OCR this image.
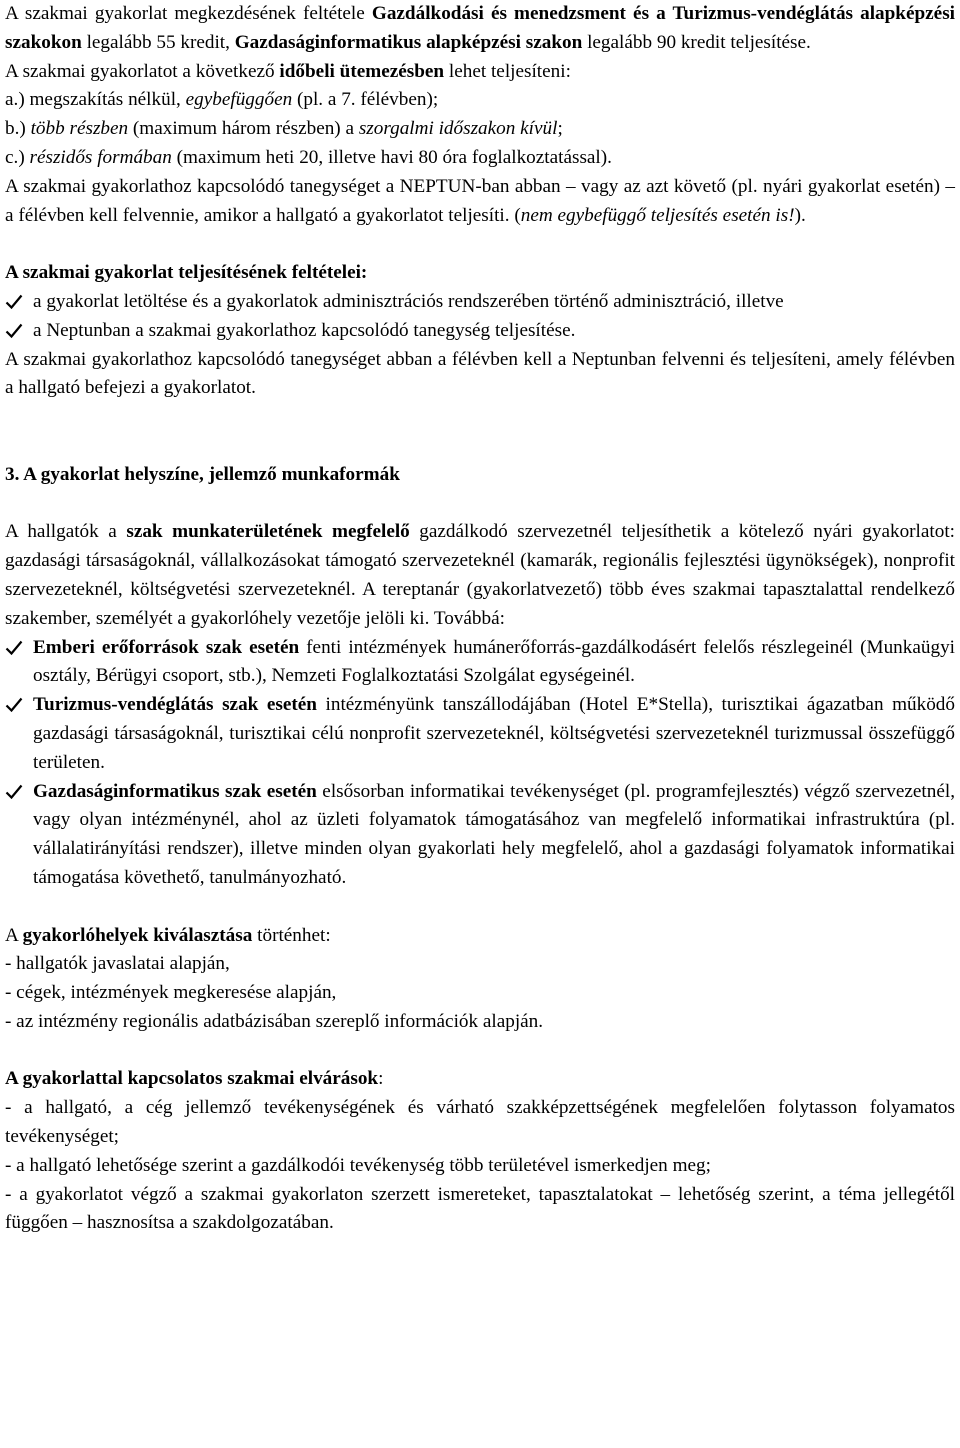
A szakmai gyakorlat megkezdésének feltétele Gazdálkodási és menedzsment és a Turizmus-vendéglátás alapképzési szakokon legalább 55 kredit, Gazdaságinformatikus alapképzési szakon legalább 90 kredit teljesítése.

A szakmai gyakorlatot a következő időbeli ütemezésben lehet teljesíteni:

a.) megszakítás nélkül, egybefüggően (pl. a 7. félévben);

b.) több részben (maximum három részben) a szorgalmi időszakon kívül;

c.) részidős formában (maximum heti 20, illetve havi 80 óra foglalkoztatással).

A szakmai gyakorlathoz kapcsolódó tanegységet a NEPTUN-ban abban – vagy az azt követő (pl. nyári gyakorlat esetén) – a félévben kell felvennie, amikor a hallgató a gyakorlatot teljesíti. (nem egybefüggő teljesítés esetén is!).

A szakmai gyakorlat teljesítésének feltételei:

a gyakorlat letöltése és a gyakorlatok adminisztrációs rendszerében történő adminisztráció, illetve
a Neptunban a szakmai gyakorlathoz kapcsolódó tanegység teljesítése.

A szakmai gyakorlathoz kapcsolódó tanegységet abban a félévben kell a Neptunban felvenni és teljesíteni, amely félévben a hallgató befejezi a gyakorlatot.

3. A gyakorlat helyszíne, jellemző munkaformák

A hallgatók a szak munkaterületének megfelelő gazdálkodó szervezetnél teljesíthetik a kötelező nyári gyakorlatot: gazdasági társaságoknál, vállalkozásokat támogató szervezeteknél (kamarák, regionális fejlesztési ügynökségek), nonprofit szervezeteknél, költségvetési szervezeteknél. A tereptanár (gyakorlatvezető) több éves szakmai tapasztalattal rendelkező szakember, személyét a gyakorlóhely vezetője jelöli ki. Továbbá:

Emberi erőforrások szak esetén fenti intézmények humánerőforrás-gazdálkodásért felelős részlegeinél (Munkaügyi osztály, Bérügyi csoport, stb.), Nemzeti Foglalkoztatási Szolgálat egységeinél.
Turizmus-vendéglátás szak esetén intézményünk tanszállodájában (Hotel E*Stella), turisztikai ágazatban működő gazdasági társaságoknál, turisztikai célú nonprofit szervezeteknél, költségvetési szervezeteknél turizmussal összefüggő területen.
Gazdaságinformatikus szak esetén elsősorban informatikai tevékenységet (pl. programfejlesztés) végző szervezetnél, vagy olyan intézménynél, ahol az üzleti folyamatok támogatásához van megfelelő informatikai infrastruktúra (pl. vállalatirányítási rendszer), illetve minden olyan gyakorlati hely megfelelő, ahol a gazdasági folyamatok informatikai támogatása követhető, tanulmányozható.

A gyakorlóhelyek kiválasztása történhet:

- hallgatók javaslatai alapján,

- cégek, intézmények megkeresése alapján,

- az intézmény regionális adatbázisában szereplő információk alapján.

A gyakorlattal kapcsolatos szakmai elvárások:

- a hallgató, a cég jellemző tevékenységének és várható szakképzettségének megfelelően folytasson folyamatos tevékenységet;

- a hallgató lehetősége szerint a gazdálkodói tevékenység több területével ismerkedjen meg;

- a gyakorlatot végző a szakmai gyakorlaton szerzett ismereteket, tapasztalatokat – lehetőség szerint, a téma jellegétől függően – hasznosítsa a szakdolgozatában.
